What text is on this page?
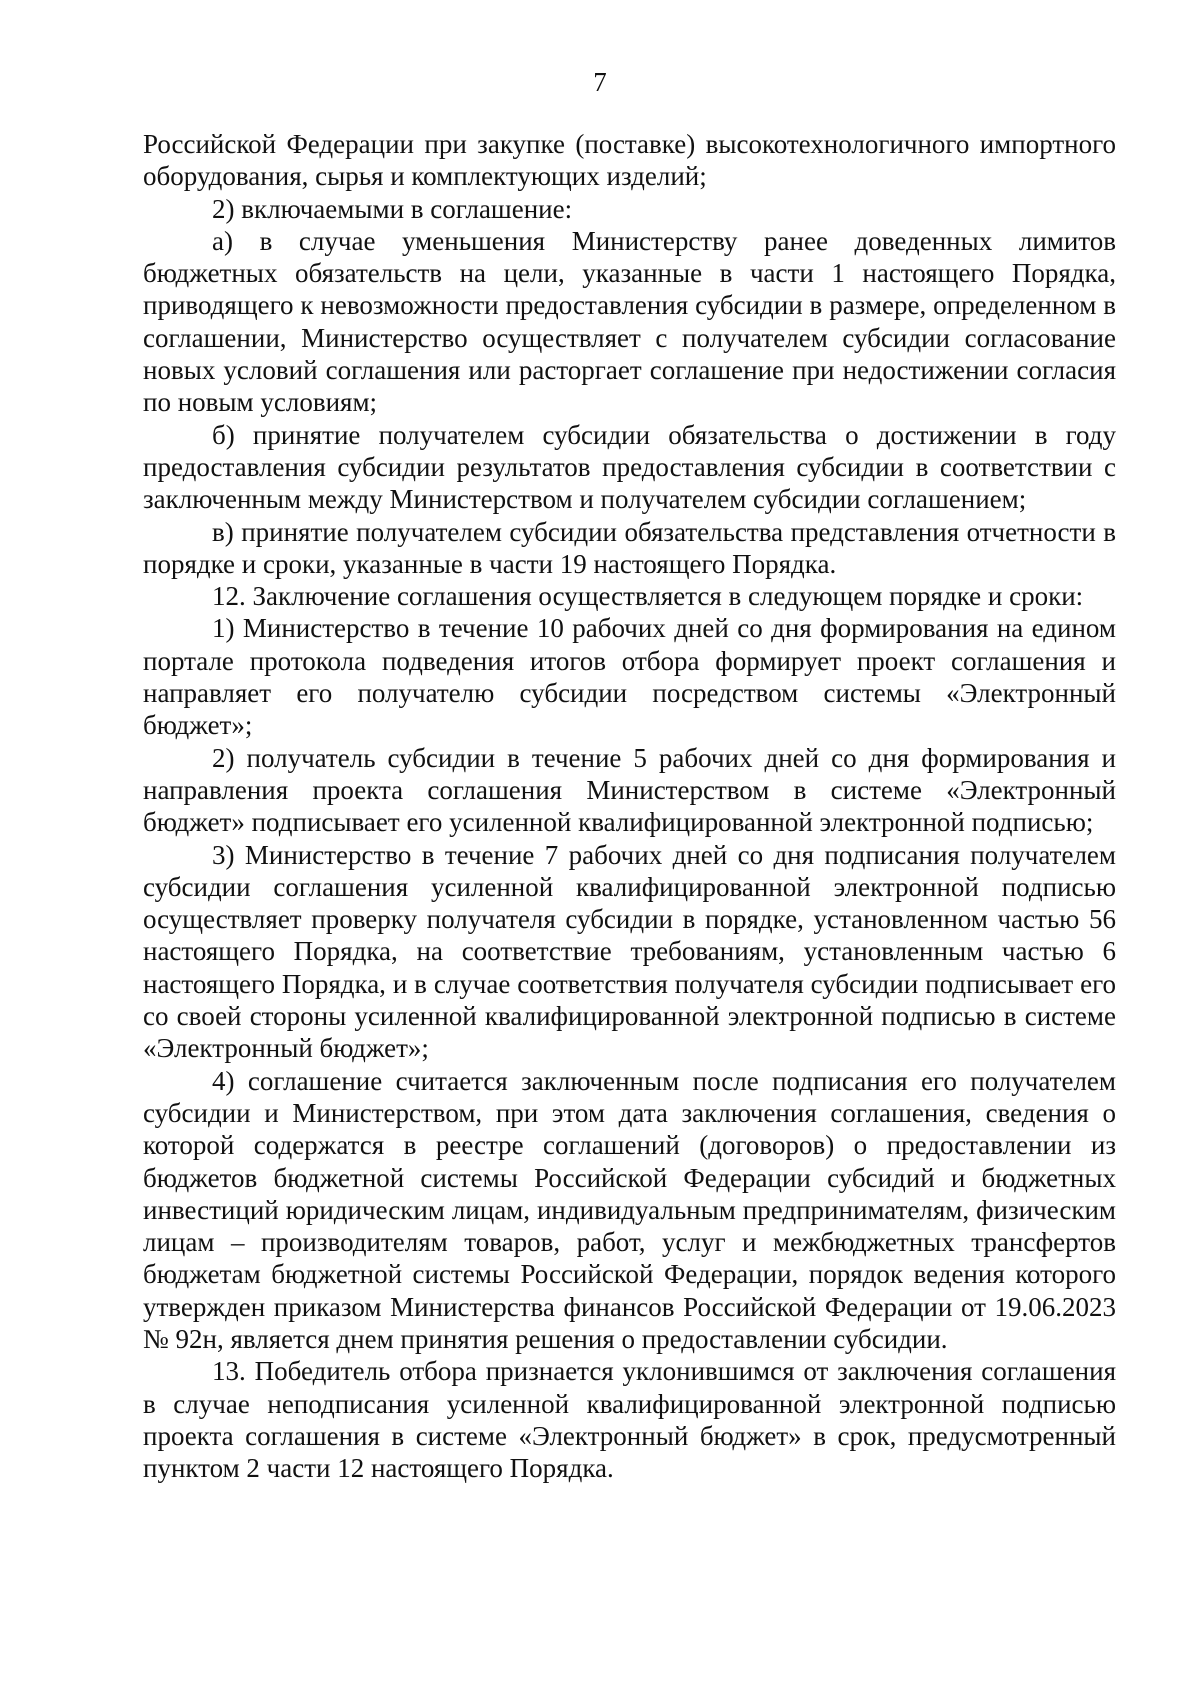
7

Российской Федерации при закупке (поставке) высокотехнологичного импортного оборудования, сырья и комплектующих изделий;

2) включаемыми в соглашение:

а) в случае уменьшения Министерству ранее доведенных лимитов бюджетных обязательств на цели, указанные в части 1 настоящего Порядка, приводящего к невозможности предоставления субсидии в размере, определенном в соглашении, Министерство осуществляет с получателем субсидии согласование новых условий соглашения или расторгает соглашение при недостижении согласия по новым условиям;

б) принятие получателем субсидии обязательства о достижении в году предоставления субсидии результатов предоставления субсидии в соответствии с заключенным между Министерством и получателем субсидии соглашением;

в) принятие получателем субсидии обязательства представления отчетности в порядке и сроки, указанные в части 19 настоящего Порядка.

12. Заключение соглашения осуществляется в следующем порядке и сроки:

1) Министерство в течение 10 рабочих дней со дня формирования на едином портале протокола подведения итогов отбора формирует проект соглашения и направляет его получателю субсидии посредством системы «Электронный бюджет»;

2) получатель субсидии в течение 5 рабочих дней со дня формирования и направления проекта соглашения Министерством в системе «Электронный бюджет» подписывает его усиленной квалифицированной электронной подписью;

3) Министерство в течение 7 рабочих дней со дня подписания получателем субсидии соглашения усиленной квалифицированной электронной подписью осуществляет проверку получателя субсидии в порядке, установленном частью 56 настоящего Порядка, на соответствие требованиям, установленным частью 6 настоящего Порядка, и в случае соответствия получателя субсидии подписывает его со своей стороны усиленной квалифицированной электронной подписью в системе «Электронный бюджет»;

4) соглашение считается заключенным после подписания его получателем субсидии и Министерством, при этом дата заключения соглашения, сведения о которой содержатся в реестре соглашений (договоров) о предоставлении из бюджетов бюджетной системы Российской Федерации субсидий и бюджетных инвестиций юридическим лицам, индивидуальным предпринимателям, физическим лицам – производителям товаров, работ, услуг и межбюджетных трансфертов бюджетам бюджетной системы Российской Федерации, порядок ведения которого утвержден приказом Министерства финансов Российской Федерации от 19.06.2023 № 92н, является днем принятия решения о предоставлении субсидии.

13. Победитель отбора признается уклонившимся от заключения соглашения в случае неподписания усиленной квалифицированной электронной подписью проекта соглашения в системе «Электронный бюджет» в срок, предусмотренный пунктом 2 части 12 настоящего Порядка.
